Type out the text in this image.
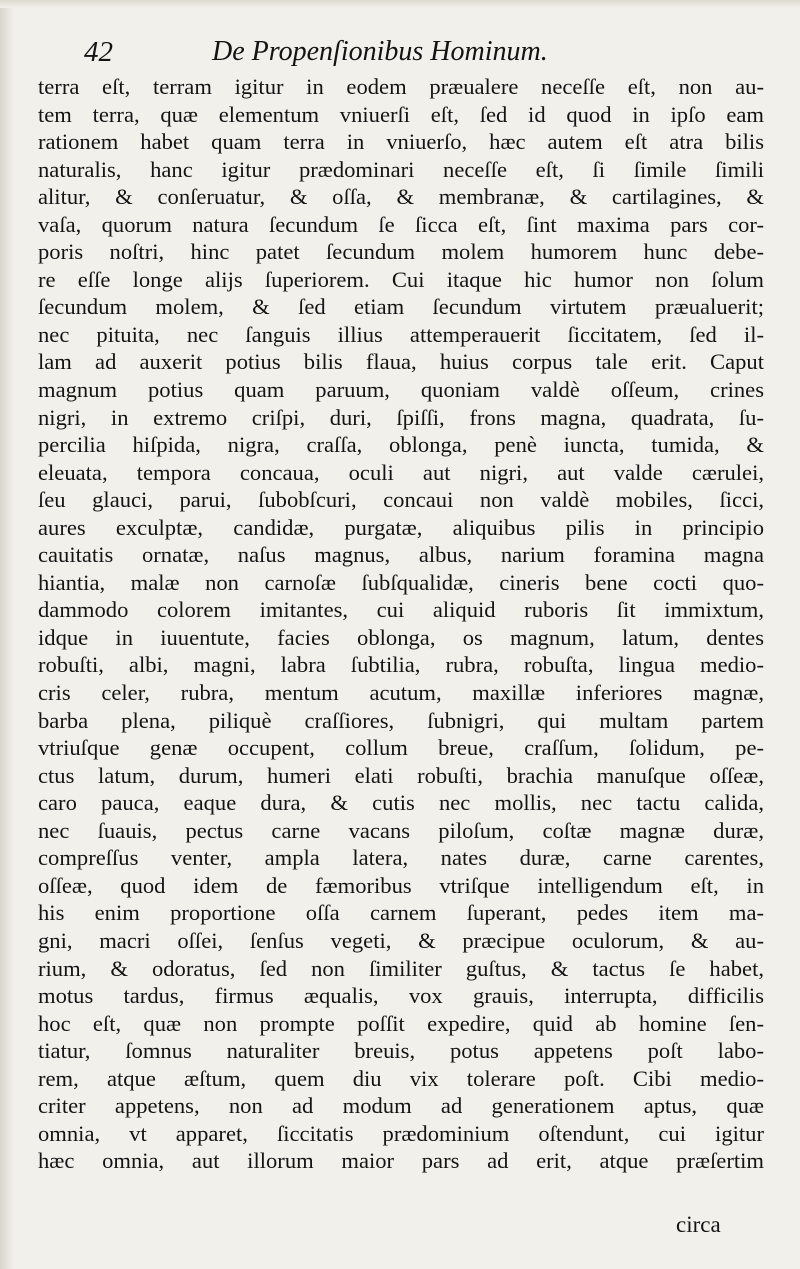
42	De Propenſionibus Hominum.
terra eſt, terram igitur in eodem præualere neceſſe eſt, non au-
tem terra, quæ elementum vniuerſi eſt, ſed id quod in ipſo eam
rationem habet quam terra in vniuerſo, hæc autem eſt atra bilis
naturalis, hanc igitur prædominari neceſſe eſt, ſi ſimile ſimili
alitur, & conſeruatur, & oſſa, & membranæ, & cartilagines, &
vaſa, quorum natura ſecundum ſe ſicca eſt, ſint maxima pars cor-
poris noſtri, hinc patet ſecundum molem humorem hunc debe-
re eſſe longe alijs ſuperiorem. Cui itaque hic humor non ſolum
ſecundum molem, & ſed etiam ſecundum virtutem præualuerit;
nec pituita, nec ſanguis illius attemperauerit ſiccitatem, ſed il-
lam ad auxerit potius bilis flaua, huius corpus tale erit. Caput
magnum potius quam paruum, quoniam valdè oſſeum, crines
nigri, in extremo criſpi, duri, ſpiſſi, frons magna, quadrata, ſu-
percilia hiſpida, nigra, craſſa, oblonga, penè iuncta, tumida, &
eleuata, tempora concaua, oculi aut nigri, aut valde cærulei,
ſeu glauci, parui, ſubobſcuri, concaui non valdè mobiles, ſicci,
aures exculptæ, candidæ, purgatæ, aliquibus pilis in principio
cauitatis ornatæ, naſus magnus, albus, narium foramina magna
hiantia, malæ non carnoſæ ſubſqualidæ, cineris bene cocti quo-
dammodo colorem imitantes, cui aliquid ruboris ſit immixtum,
idque in iuuentute, facies oblonga, os magnum, latum, dentes
robuſti, albi, magni, labra ſubtilia, rubra, robuſta, lingua medio-
cris celer, rubra, mentum acutum, maxillæ inferiores magnæ,
barba plena, piliquè craſſiores, ſubnigri, qui multam partem
vtriuſque genæ occupent, collum breue, craſſum, ſolidum, pe-
ctus latum, durum, humeri elati robuſti, brachia manuſque oſſeæ,
caro pauca, eaque dura, & cutis nec mollis, nec tactu calida,
nec ſuauis, pectus carne vacans piloſum, coſtæ magnæ duræ,
compreſſus venter, ampla latera, nates duræ, carne carentes,
oſſeæ, quod idem de fæmoribus vtriſque intelligendum eſt, in
his enim proportione oſſa carnem ſuperant, pedes item ma-
gni, macri oſſei, ſenſus vegeti, & præcipue oculorum, & au-
rium, & odoratus, ſed non ſimiliter guſtus, & tactus ſe habet,
motus tardus, firmus æqualis, vox grauis, interrupta, difficilis
hoc eſt, quæ non prompte poſſit expedire, quid ab homine ſen-
tiatur, ſomnus naturaliter breuis, potus appetens poſt labo-
rem, atque æſtum, quem diu vix tolerare poſt. Cibi medio-
criter appetens, non ad modum ad generationem aptus, quæ
omnia, vt apparet, ſiccitatis prædominium oſtendunt, cui igitur
hæc omnia, aut illorum maior pars ad erit, atque præſertim
circa
